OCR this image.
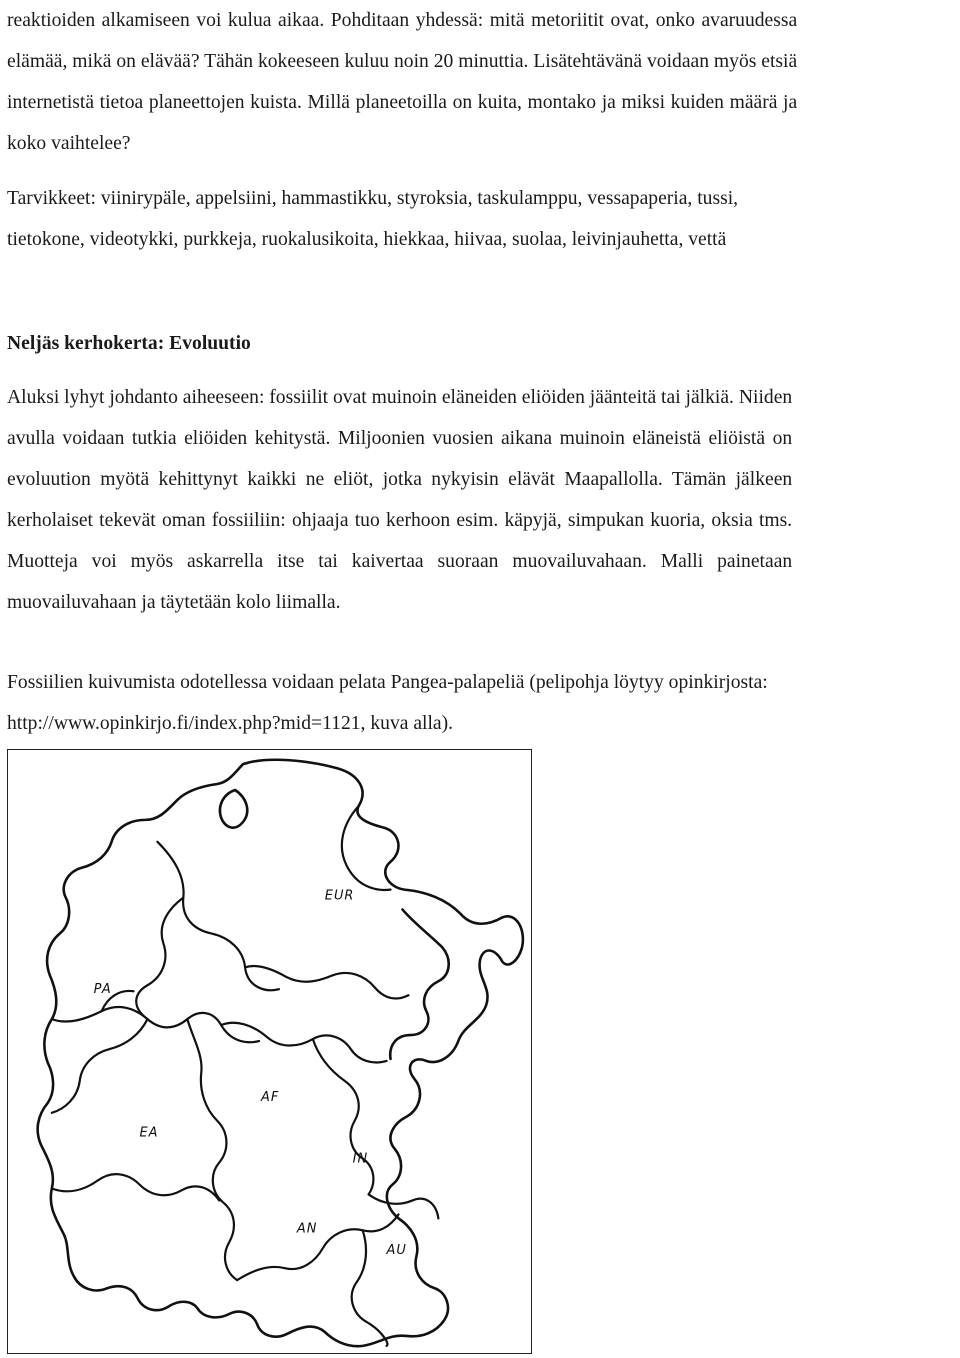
reaktioiden alkamiseen voi kulua aikaa. Pohditaan yhdessä: mitä metoriitit ovat, onko avaruudessa
elämää, mikä on elävää? Tähän kokeeseen kuluu noin 20 minuttia. Lisätehtävänä voidaan myös etsiä
internetistä tietoa planeettojen kuista. Millä planeetoilla on kuita, montako ja miksi kuiden määrä ja
koko vaihtelee?
Tarvikkeet: viinirypäle, appelsiini, hammastikku, styroksia, taskulamppu, vessapaperia, tussi,
tietokone, videotykki, purkkeja, ruokalusikoita, hiekkaa, hiivaa, suolaa, leivinjauhetta, vettä
Neljäs kerhokerta: Evoluutio
Aluksi lyhyt johdanto aiheeseen: fossiilit ovat muinoin eläneiden eliöiden jäänteitä tai jälkiä. Niiden
avulla voidaan tutkia eliöiden kehitystä. Miljoonien vuosien aikana muinoin eläneistä eliöistä on
evoluution myötä kehittynyt kaikki ne eliöt, jotka nykyisin elävät Maapallolla. Tämän jälkeen
kerholaiset tekevät oman fossiiliin: ohjaaja tuo kerhoon esim. käpyjä, simpukan kuoria, oksia tms.
Muotteja voi myös askarrella itse tai kaivertaa suoraan muovailuvahaan. Malli painetaan
muovailuvahaan ja täytetään kolo liimalla.
Fossiilien kuivumista odotellessa voidaan pelata Pangea-palapeliä (pelipohja löytyy opinkirjosta:
http://www.opinkirjo.fi/index.php?mid=1121, kuva alla).
EUR
PA
AF
EA
IN
AN
AU
